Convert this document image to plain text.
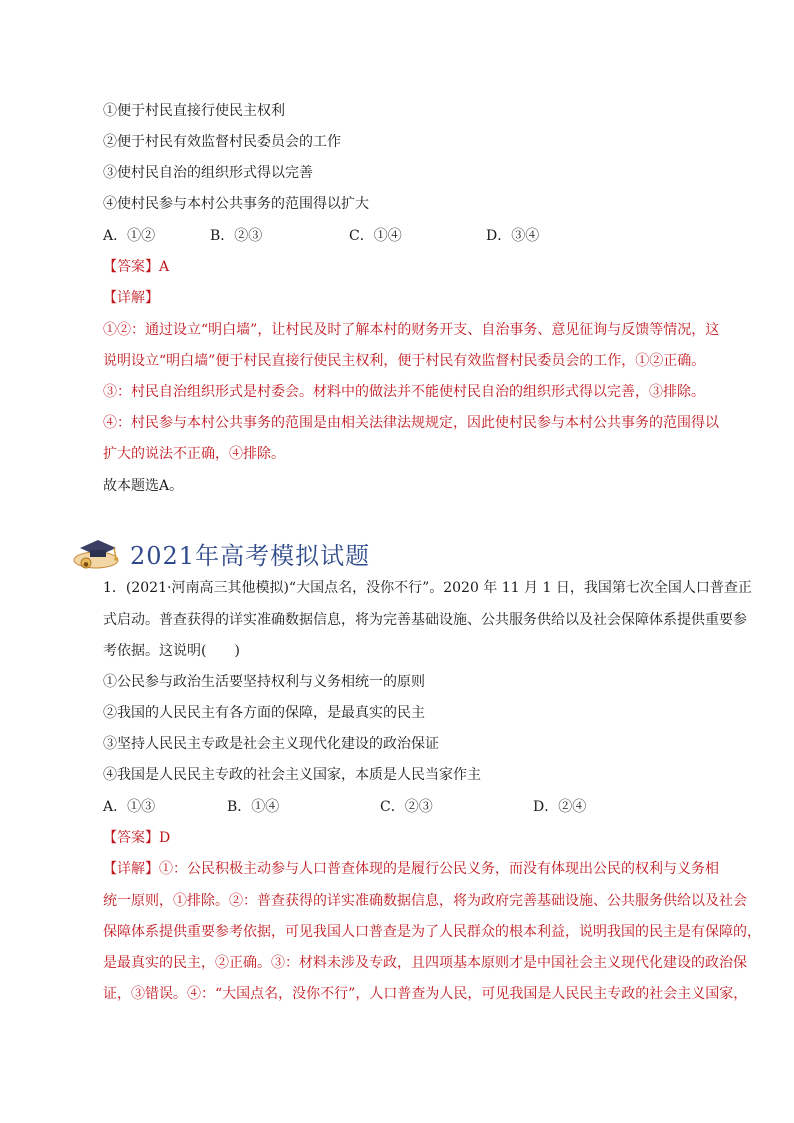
①便于村民直接行使民主权利
②便于村民有效监督村民委员会的工作
③使村民自治的组织形式得以完善
④使村民参与本村公共事务的范围得以扩大
A．①②	B．②③	C．①④	D．③④
【答案】A
【详解】
①②：通过设立“明白墙”，让村民及时了解本村的财务开支、自治事务、意见征询与反馈等情况，这
说明设立“明白墙”便于村民直接行使民主权利，便于村民有效监督村民委员会的工作，①②正确。
③：村民自治组织形式是村委会。材料中的做法并不能使村民自治的组织形式得以完善，③排除。
④：村民参与本村公共事务的范围是由相关法律法规规定，因此使村民参与本村公共事务的范围得以
扩大的说法不正确，④排除。
故本题选A。
● 2021年高考模拟试题
1．(2021·河南高三其他模拟)“大国点名，没你不行”。2020 年 11 月 1 日，我国第七次全国人口普查正
式启动。普查获得的详实准确数据信息，将为完善基础设施、公共服务供给以及社会保障体系提供重要参
考依据。这说明(　　)
①公民参与政治生活要坚持权利与义务相统一的原则
②我国的人民民主有各方面的保障，是最真实的民主
③坚持人民民主专政是社会主义现代化建设的政治保证
④我国是人民民主专政的社会主义国家，本质是人民当家作主
A．①③	B．①④	C．②③	D．②④
【答案】D
【详解】①：公民积极主动参与人口普查体现的是履行公民义务，而没有体现出公民的权利与义务相
统一原则，①排除。②：普查获得的详实准确数据信息，将为政府完善基础设施、公共服务供给以及社会
保障体系提供重要参考依据，可见我国人口普查是为了人民群众的根本利益，说明我国的民主是有保障的，
是最真实的民主，②正确。③：材料未涉及专政，且四项基本原则才是中国社会主义现代化建设的政治保
证，③错误。④：“大国点名，没你不行”，人口普查为人民，可见我国是人民民主专政的社会主义国家，
